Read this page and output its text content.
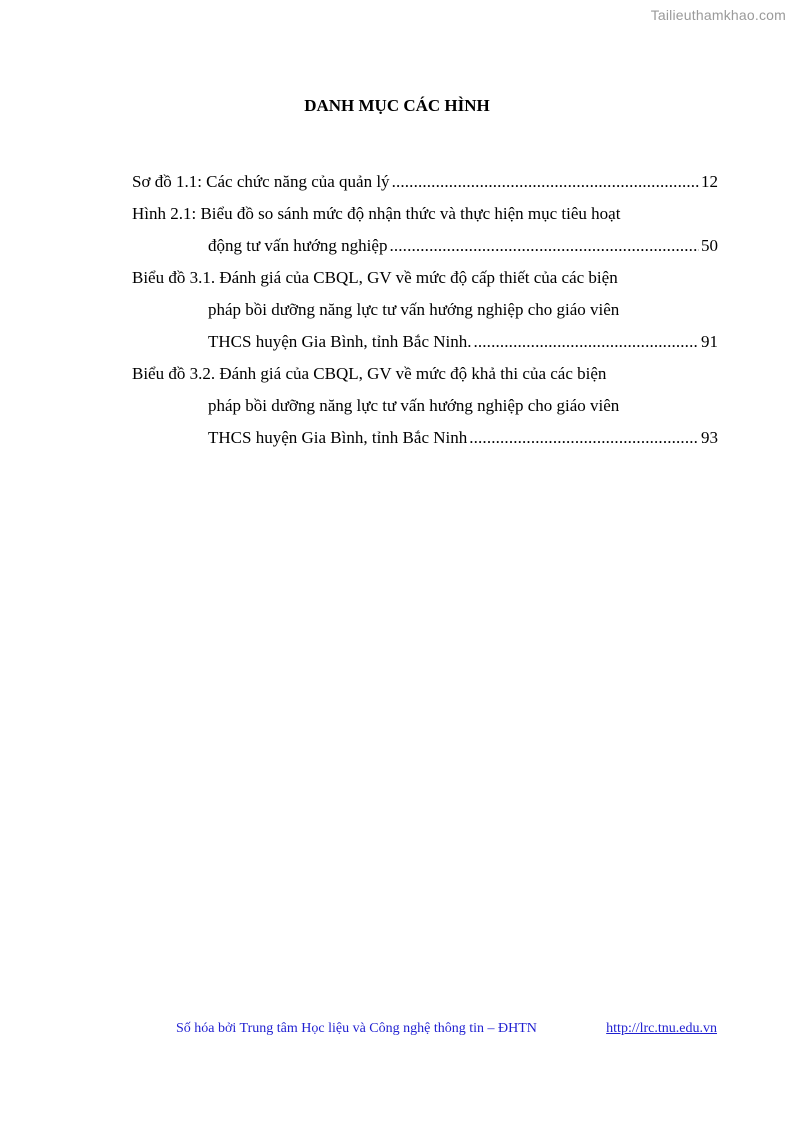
Tailieuthamkhao.com
DANH MỤC CÁC HÌNH
Sơ đồ 1.1: Các chức năng của quản lý . . .	12
Hình 2.1: Biểu đồ so sánh mức độ nhận thức và thực hiện mục tiêu hoạt
động tư vấn hướng nghiệp . . .	50
Biểu đồ 3.1. Đánh giá của CBQL, GV về mức độ cấp thiết của các biện
pháp bồi dưỡng năng lực tư vấn hướng nghiệp cho giáo viên
THCS huyện Gia Bình, tỉnh Bắc Ninh. . . .	91
Biểu đồ 3.2. Đánh giá của CBQL, GV về mức độ khả thi của các biện
pháp bồi dưỡng năng lực tư vấn hướng nghiệp cho giáo viên
THCS huyện Gia Bình, tỉnh Bắc Ninh . . .	93
Số hóa bởi Trung tâm Học liệu và Công nghệ thông tin – ĐHTN	http://lrc.tnu.edu.vn
